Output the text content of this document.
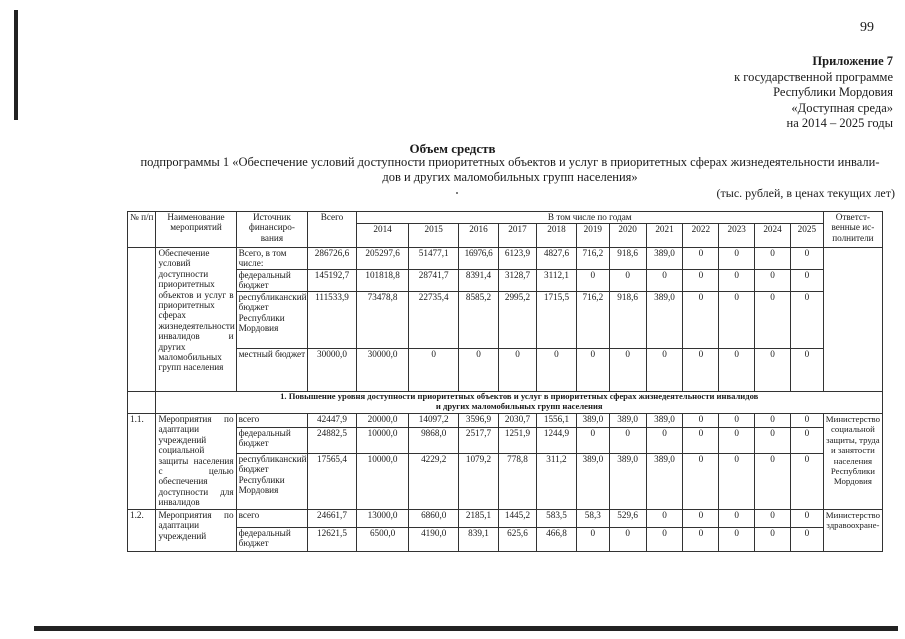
99
Приложение 7
к государственной программе
Республики Мордовия
«Доступная среда»
на 2014 – 2025 годы
Объем средств
подпрограммы 1 «Обеспечение условий доступности приоритетных объектов и услуг в приоритетных сферах жизнедеятельности инвали-
дов и других маломобильных групп населения»
(тыс. рублей, в ценах текущих лет)
№ п/п	Наименование мероприятий	Источник финансиро-вания	Всего	В том числе по годам												Ответст-венные ис-полнители
				2014	2015	2016	2017	2018	2019	2020	2021	2022	2023	2024	2025	
	Обеспечение условий доступности приоритетных объектов и услуг в приоритетных сферах жизнедеятельности инвалидов и других маломобильных групп населения	Всего, в том числе:	286726,6	205297,6	51477,1	16976,6	6123,9	4827,6	716,2	918,6	389,0	0	0	0	0	
		федеральный бюджет	145192,7	101818,8	28741,7	8391,4	3128,7	3112,1	0	0	0	0	0	0	0	
		республиканский бюджет Республики Мордовия	111533,9	73478,8	22735,4	8585,2	2995,2	1715,5	716,2	918,6	389,0	0	0	0	0	
		местный бюджет	30000,0	30000,0	0	0	0	0	0	0	0	0	0	0	0	

	1. Повышение уровня доступности приоритетных объектов и услуг в приоритетных сферах жизнедеятельности инвалидов
и других маломобильных групп населения															

1.1.	Мероприятия по адаптации учреждений социальной защиты населения с целью обеспечения доступности для инвалидов	всего	42447,9	20000,0	14097,2	3596,9	2030,7	1556,1	389,0	389,0	389,0	0	0	0	0	Министерство социальной защиты, труда и занятости населения Республики Мордовия
		федеральный бюджет	24882,5	10000,0	9868,0	2517,7	1251,9	1244,9	0	0	0	0	0	0	0	
		республиканский бюджет Республики Мордовия	17565,4	10000,0	4229,2	1079,2	778,8	311,2	389,0	389,0	389,0	0	0	0	0	
1.2.	Мероприятия по адаптации учреждений	всего	24661,7	13000,0	6860,0	2185,1	1445,2	583,5	58,3	529,6	0	0	0	0	0	Министерство здравоохране-
		федеральный бюджет	12621,5	6500,0	4190,0	839,1	625,6	466,8	0	0	0	0	0	0	0	
